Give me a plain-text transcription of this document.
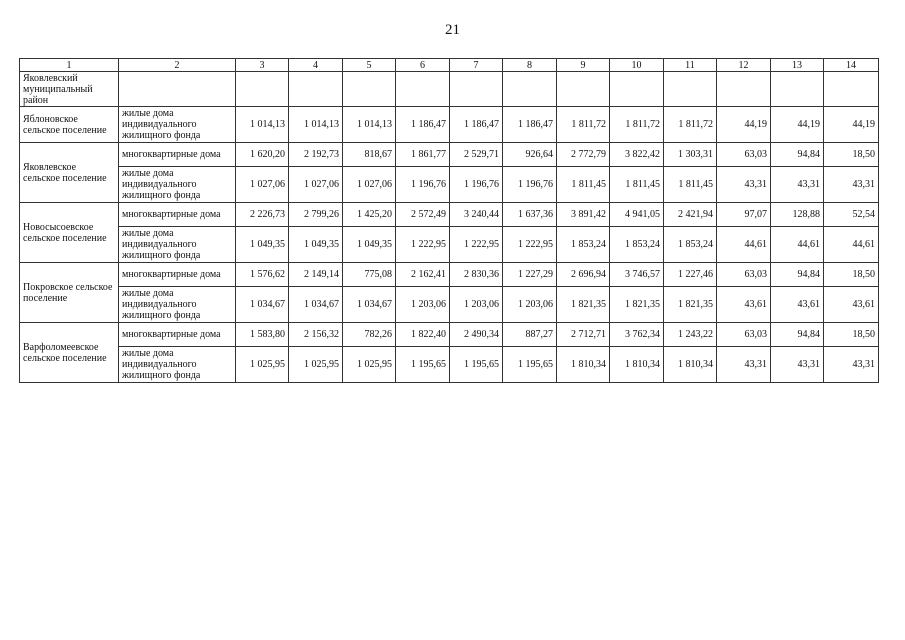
21
1	2	3	4	5	6	7	8	9	10	11	12	13	14
Яковлевский муниципальный район													
Яблоновское сельское поселение	жилые дома индивидуального жилищного фонда	1 014,13	1 014,13	1 014,13	1 186,47	1 186,47	1 186,47	1 811,72	1 811,72	1 811,72	44,19	44,19	44,19
Яковлевское сельское поселение	многоквартирные дома	1 620,20	2 192,73	818,67	1 861,77	2 529,71	926,64	2 772,79	3 822,42	1 303,31	63,03	94,84	18,50
	жилые дома индивидуального жилищного фонда	1 027,06	1 027,06	1 027,06	1 196,76	1 196,76	1 196,76	1 811,45	1 811,45	1 811,45	43,31	43,31	43,31
Новосысоевское сельское поселение	многоквартирные дома	2 226,73	2 799,26	1 425,20	2 572,49	3 240,44	1 637,36	3 891,42	4 941,05	2 421,94	97,07	128,88	52,54
	жилые дома индивидуального жилищного фонда	1 049,35	1 049,35	1 049,35	1 222,95	1 222,95	1 222,95	1 853,24	1 853,24	1 853,24	44,61	44,61	44,61
Покровское сельское поселение	многоквартирные дома	1 576,62	2 149,14	775,08	2 162,41	2 830,36	1 227,29	2 696,94	3 746,57	1 227,46	63,03	94,84	18,50
	жилые дома индивидуального жилищного фонда	1 034,67	1 034,67	1 034,67	1 203,06	1 203,06	1 203,06	1 821,35	1 821,35	1 821,35	43,61	43,61	43,61
Варфоломеевское сельское поселение	многоквартирные дома	1 583,80	2 156,32	782,26	1 822,40	2 490,34	887,27	2 712,71	3 762,34	1 243,22	63,03	94,84	18,50
	жилые дома индивидуального жилищного фонда	1 025,95	1 025,95	1 025,95	1 195,65	1 195,65	1 195,65	1 810,34	1 810,34	1 810,34	43,31	43,31	43,31
